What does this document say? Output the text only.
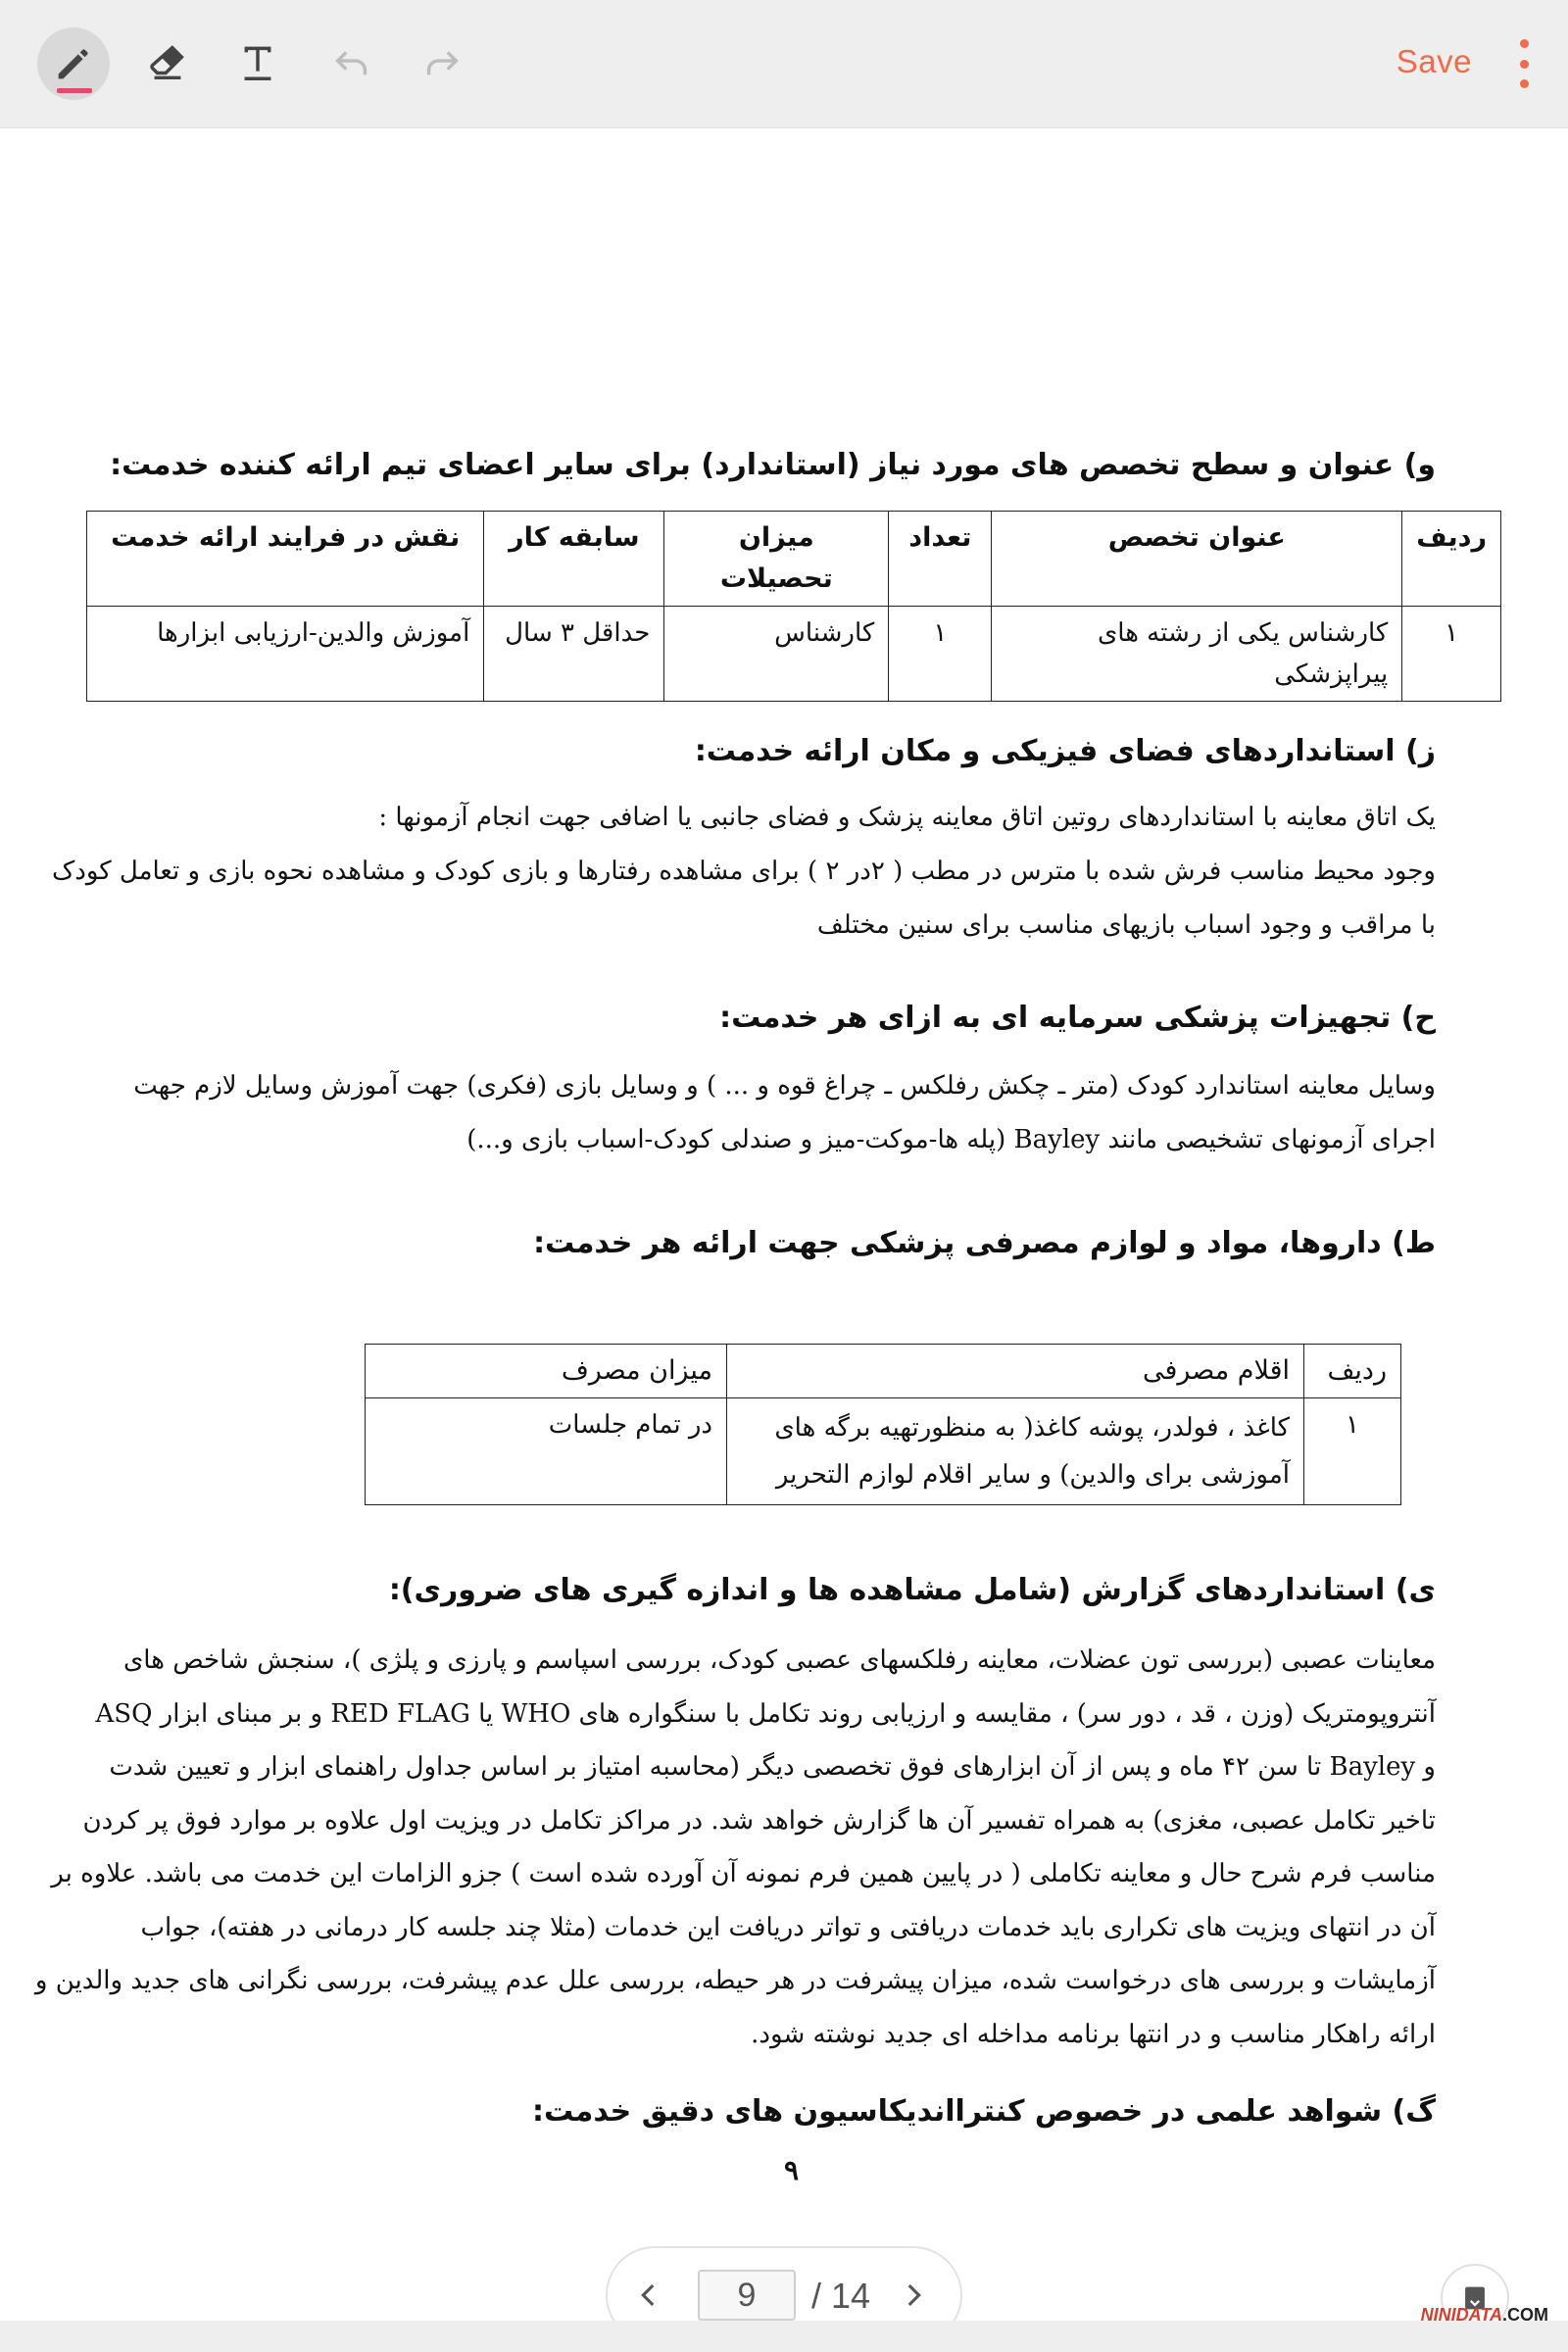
Save
و) عنوان و سطح تخصص های مورد نیاز (استاندارد) برای سایر اعضای تیم ارائه کننده خدمت:
ردیف	عنوان تخصص	تعداد	میزان تحصیلات	سابقه کار	نقش در فرایند ارائه خدمت
۱	کارشناس یکی از رشته های پیراپزشکی	۱	کارشناس	حداقل ۳ سال	آموزش والدین-ارزیابی ابزارها
ز) استانداردهای فضای فیزیکی و مکان ارائه خدمت:

یک اتاق معاینه با استانداردهای روتین اتاق معاینه پزشک و فضای جانبی یا اضافی جهت انجام آزمونها :

وجود محیط مناسب فرش شده با مترس در مطب ( ۲در ۲ ) برای مشاهده رفتارها و بازی کودک و مشاهده نحوه بازی و تعامل کودک

با مراقب و وجود اسباب بازیهای مناسب برای سنین مختلف

ح) تجهیزات پزشکی سرمایه ای به ازای هر خدمت:

وسایل معاینه استاندارد کودک (متر ـ چکش رفلکس ـ چراغ قوه و ... ) و وسایل بازی (فکری) جهت آموزش وسایل لازم جهت

اجرای آزمونهای تشخیصی مانند Bayley (پله ها-موکت-میز و صندلی کودک-اسباب بازی و...)

ط) داروها، مواد و لوازم مصرفی پزشکی جهت ارائه هر خدمت:
ردیف	اقلام مصرفی	میزان مصرف
۱	کاغذ ، فولدر، پوشه کاغذ( به منظورتهیه برگه های آموزشی برای والدین) و سایر اقلام لوازم التحریر	در تمام جلسات
ی) استانداردهای گزارش (شامل مشاهده ها و اندازه گیری های ضروری):

معاینات عصبی (بررسی تون عضلات، معاینه رفلکسهای عصبی کودک، بررسی اسپاسم و پارزی و پلژی )، سنجش شاخص های

آنتروپومتریک (وزن ، قد ، دور سر) ، مقایسه و ارزیابی روند تکامل با سنگواره های WHO یا RED FLAG و بر مبنای ابزار ASQ

و Bayley تا سن ۴۲ ماه و پس از آن ابزارهای فوق تخصصی دیگر (محاسبه امتیاز بر اساس جداول راهنمای ابزار و تعیین شدت

تاخیر تکامل عصبی، مغزی) به همراه تفسیر آن ها گزارش خواهد شد. در مراکز تکامل در ویزیت اول علاوه بر موارد فوق پر کردن

مناسب فرم شرح حال و معاینه تکاملی ( در پایین همین فرم نمونه آن آورده شده است ) جزو الزامات این خدمت می باشد. علاوه بر

آن در انتهای ویزیت های تکراری باید خدمات دریافتی و تواتر دریافت این خدمات (مثلا چند جلسه کار درمانی در هفته)، جواب

آزمایشات و بررسی های درخواست شده، میزان پیشرفت در هر حیطه، بررسی علل عدم پیشرفت، بررسی نگرانی های جدید والدین و

ارائه راهکار مناسب و در انتها برنامه مداخله ای جدید نوشته شود.

گ) شواهد علمی در خصوص کنترااندیکاسیون های دقیق خدمت:
۹
9	/ 14	NINIDATA.COM
